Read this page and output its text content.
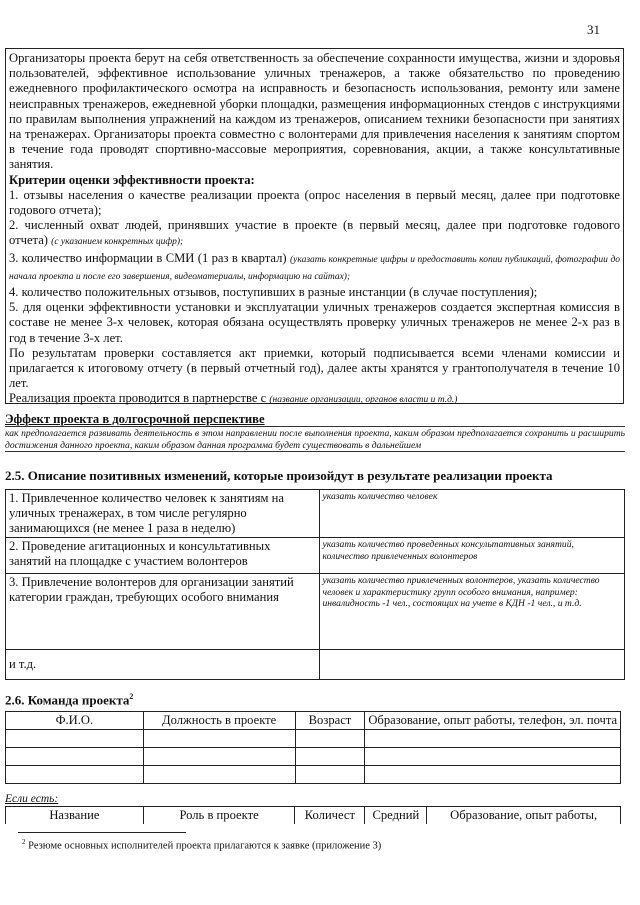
31

Организаторы проекта берут на себя ответственность за обеспечение сохранности имущества, жизни и здоровья пользователей, эффективное использование уличных тренажеров, а также обязательство по проведению ежедневного профилактического осмотра на исправность и безопасность использования, ремонту или замене неисправных тренажеров, ежедневной уборки площадки, размещения информационных стендов с инструкциями по правилам выполнения упражнений на каждом из тренажеров, описанием техники безопасности при занятиях на тренажерах. Организаторы проекта совместно с волонтерами для привлечения населения к занятиям спортом в течение года проводят спортивно-массовые мероприятия, соревнования, акции, а также консультативные занятия.

Критерии оценки эффективности проекта:

1. отзывы населения о качестве реализации проекта (опрос населения в первый месяц, далее при подготовке годового отчета);

2. численный охват людей, принявших участие в проекте (в первый месяц, далее при подготовке годового отчета) (с указанием конкретных цифр);

3. количество информации в СМИ (1 раз в квартал) (указать конкретные цифры и предоставить копии публикаций, фотографии до начала проекта и после его завершения, видеоматериалы, информацию на сайтах);

4. количество положительных отзывов, поступивших в разные инстанции (в случае поступления);

5. для оценки эффективности установки и эксплуатации уличных тренажеров создается экспертная комиссия в составе не менее 3-х человек, которая обязана осуществлять проверку уличных тренажеров не менее 2-х раз в год в течение 3-х лет.

По результатам проверки составляется акт приемки, который подписывается всеми членами комиссии и прилагается к итоговому отчету (в первый отчетный год), далее акты хранятся у грантополучателя в течение 10 лет.

Реализация проекта проводится в партнерстве с (название организации, органов власти и т.д.)

Эффект проекта в долгосрочной перспективе
как предполагается развивать деятельность в этом направлении после выполнения проекта, каким образом предполагается сохранить и расширить достижения данного проекта, каким образом данная программа будет существовать в дальнейшем
2.5. Описание позитивных изменений, которые произойдут в результате реализации проекта
1. Привлеченное количество человек к занятиям на уличных тренажерах, в том числе регулярно занимающихся (не менее 1 раза в неделю)	указать количество человек
2. Проведение агитационных и консультативных занятий на площадке с участием волонтеров	указать количество проведенных консультативных занятий, количество привлеченных волонтеров
3. Привлечение волонтеров для организации занятий категории граждан, требующих особого внимания	указать количество привлеченных волонтеров, указать количество человек и характеристику групп особого внимания, например: инвалидность -1 чел., состоящих на учете в КДН -1 чел., и т.д.
и т.д.	
2.6. Команда проекта$^2$
Ф.И.О.	Должность в проекте	Возраст	Образование, опыт работы, телефон, эл. почта

Если есть:
Название	Роль в проекте	Количест	Средний	Образование, опыт работы,
$^2$ Резюме основных исполнителей проекта прилагаются к заявке (приложение 3)
